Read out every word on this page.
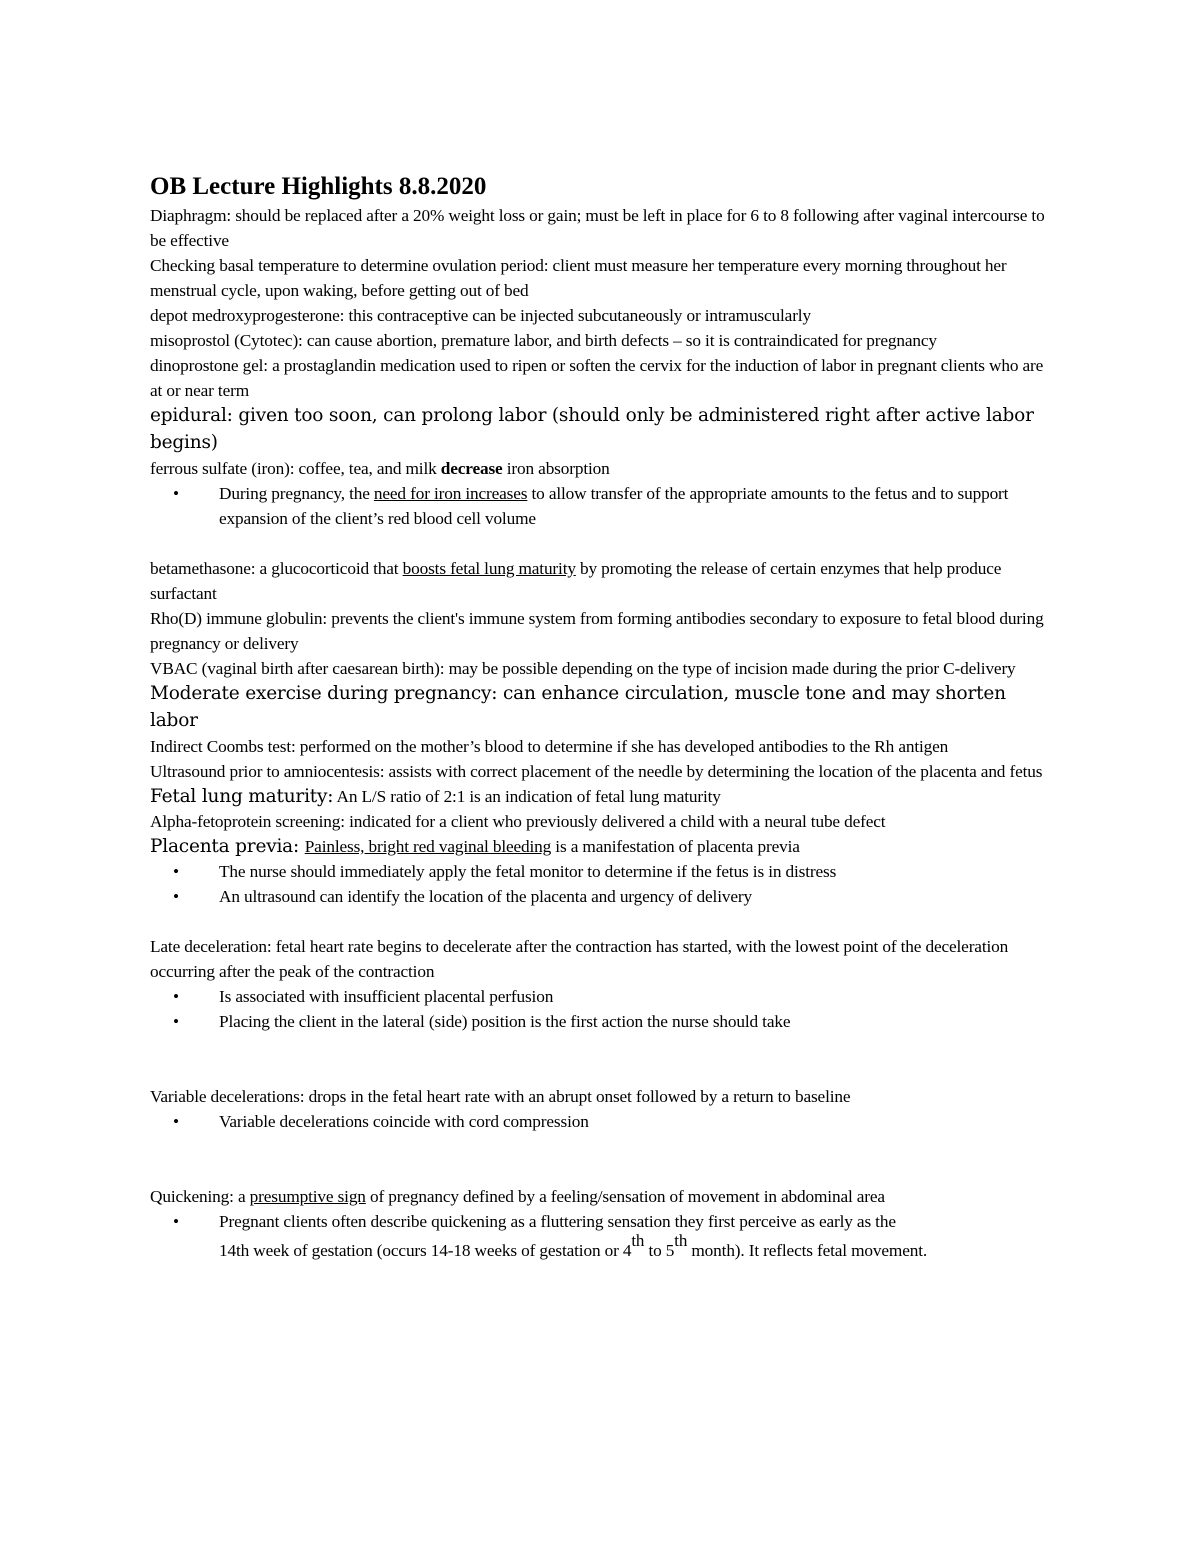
OB Lecture Highlights 8.8.2020

Diaphragm: should be replaced after a 20% weight loss or gain; must be left in place for 6 to 8 following after vaginal intercourse to be effective

Checking basal temperature to determine ovulation period: client must measure her temperature every morning throughout her menstrual cycle, upon waking, before getting out of bed

depot medroxyprogesterone: this contraceptive can be injected subcutaneously or intramuscularly

misoprostol (Cytotec): can cause abortion, premature labor, and birth defects – so it is contraindicated for pregnancy

dinoprostone gel: a prostaglandin medication used to ripen or soften the cervix for the induction of labor in pregnant clients who are at or near term

epidural: given too soon, can prolong labor (should only be administered right after active labor begins)

ferrous sulfate (iron): coffee, tea, and milk decrease iron absorption

• During pregnancy, the need for iron increases to allow transfer of the appropriate amounts to the fetus and to support expansion of the client’s red blood cell volume

betamethasone: a glucocorticoid that boosts fetal lung maturity by promoting the release of certain enzymes that help produce surfactant

Rho(D) immune globulin: prevents the client's immune system from forming antibodies secondary to exposure to fetal blood during pregnancy or delivery

VBAC (vaginal birth after caesarean birth): may be possible depending on the type of incision made during the prior C-delivery

Moderate exercise during pregnancy: can enhance circulation, muscle tone and may shorten labor

Indirect Coombs test: performed on the mother’s blood to determine if she has developed antibodies to the Rh antigen

Ultrasound prior to amniocentesis: assists with correct placement of the needle by determining the location of the placenta and fetus

Fetal lung maturity: An L/S ratio of 2:1 is an indication of fetal lung maturity

Alpha-fetoprotein screening: indicated for a client who previously delivered a child with a neural tube defect

Placenta previa: Painless, bright red vaginal bleeding is a manifestation of placenta previa

• The nurse should immediately apply the fetal monitor to determine if the fetus is in distress
• An ultrasound can identify the location of the placenta and urgency of delivery

Late deceleration: fetal heart rate begins to decelerate after the contraction has started, with the lowest point of the deceleration occurring after the peak of the contraction

• Is associated with insufficient placental perfusion
• Placing the client in the lateral (side) position is the first action the nurse should take

Variable decelerations: drops in the fetal heart rate with an abrupt onset followed by a return to baseline

• Variable decelerations coincide with cord compression

Quickening: a presumptive sign of pregnancy defined by a feeling/sensation of movement in abdominal area

• Pregnant clients often describe quickening as a fluttering sensation they first perceive as early as the
14th week of gestation (occurs 14-18 weeks of gestation or 4th to 5th month). It reflects fetal movement.
